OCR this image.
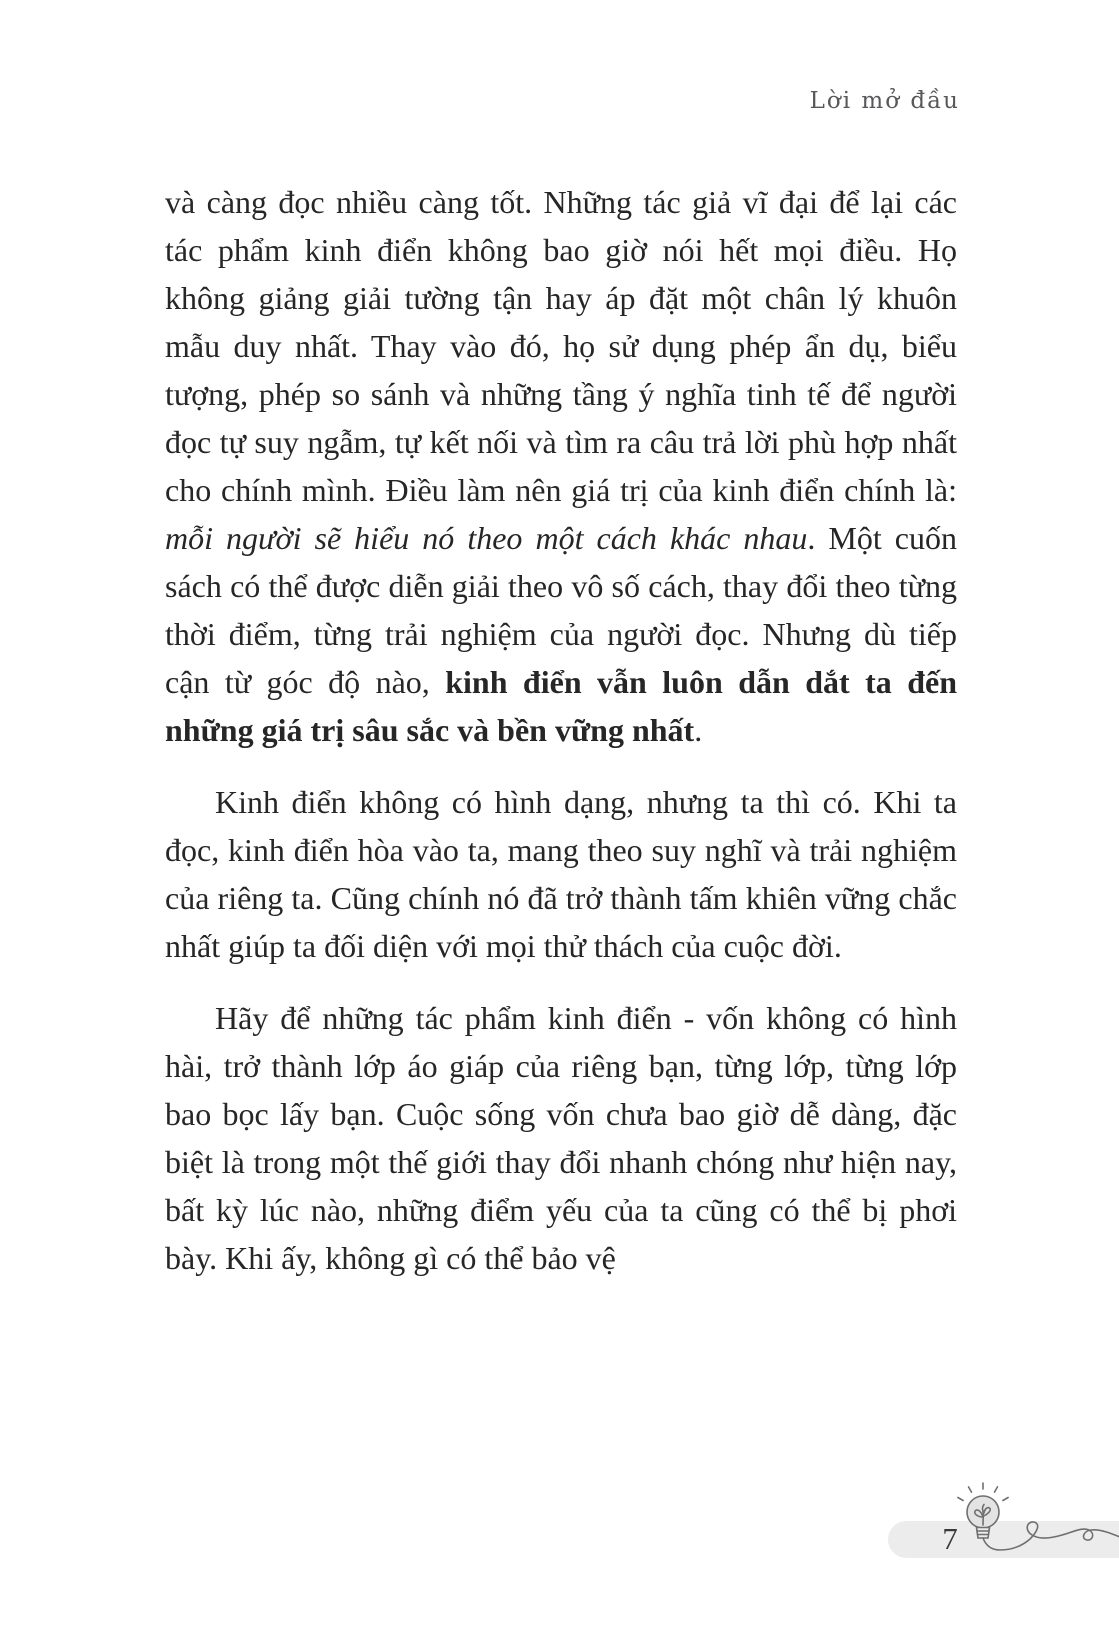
Lời mở đầu

và càng đọc nhiều càng tốt. Những tác giả vĩ đại để lại các tác phẩm kinh điển không bao giờ nói hết mọi điều. Họ không giảng giải tường tận hay áp đặt một chân lý khuôn mẫu duy nhất. Thay vào đó, họ sử dụng phép ẩn dụ, biểu tượng, phép so sánh và những tầng ý nghĩa tinh tế để người đọc tự suy ngẫm, tự kết nối và tìm ra câu trả lời phù hợp nhất cho chính mình. Điều làm nên giá trị của kinh điển chính là: mỗi người sẽ hiểu nó theo một cách khác nhau. Một cuốn sách có thể được diễn giải theo vô số cách, thay đổi theo từng thời điểm, từng trải nghiệm của người đọc. Nhưng dù tiếp cận từ góc độ nào, kinh điển vẫn luôn dẫn dắt ta đến những giá trị sâu sắc và bền vững nhất.

Kinh điển không có hình dạng, nhưng ta thì có. Khi ta đọc, kinh điển hòa vào ta, mang theo suy nghĩ và trải nghiệm của riêng ta. Cũng chính nó đã trở thành tấm khiên vững chắc nhất giúp ta đối diện với mọi thử thách của cuộc đời.

Hãy để những tác phẩm kinh điển - vốn không có hình hài, trở thành lớp áo giáp của riêng bạn, từng lớp, từng lớp bao bọc lấy bạn. Cuộc sống vốn chưa bao giờ dễ dàng, đặc biệt là trong một thế giới thay đổi nhanh chóng như hiện nay, bất kỳ lúc nào, những điểm yếu của ta cũng có thể bị phơi bày. Khi ấy, không gì có thể bảo vệ

7
